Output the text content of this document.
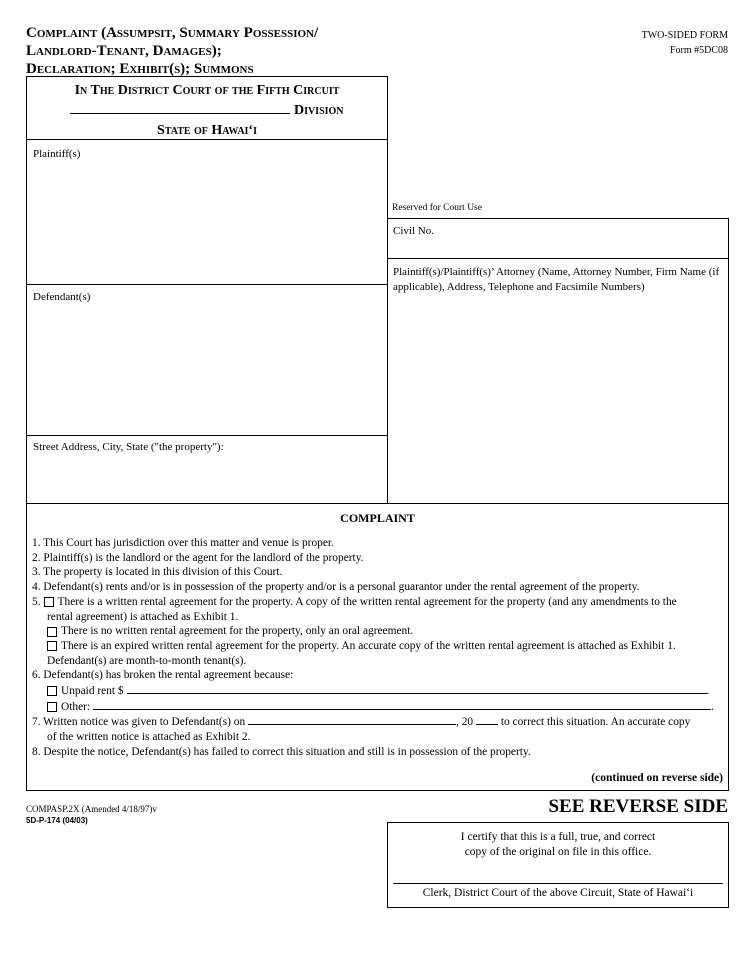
Complaint (Assumpsit, Summary Possession/
Landlord-Tenant, Damages);
Declaration; Exhibit(s); Summons
TWO-SIDED FORM
Form #5DC08
In The District Court of the Fifth Circuit
Division
State of Hawai‘i
Plaintiff(s)
Defendant(s)
Street Address, City, State ("the property"):
Reserved for Court Use
Civil No.
Plaintiff(s)/Plaintiff(s)’ Attorney (Name, Attorney Number, Firm Name (if applicable), Address, Telephone and Facsimile Numbers)
COMPLAINT
(continued on reverse side)
1. This Court has jurisdiction over this matter and venue is proper.
2. Plaintiff(s) is the landlord or the agent for the landlord of the property.
3. The property is located in this division of this Court.
4. Defendant(s) rents and/or is in possession of the property and/or is a personal guarantor under the rental agreement of the property.
5. There is a written rental agreement for the property. A copy of the written rental agreement for the property (and any amendments to the
rental agreement) is attached as Exhibit 1.
There is no written rental agreement for the property, only an oral agreement.
There is an expired written rental agreement for the property. An accurate copy of the written rental agreement is attached as Exhibit 1.
Defendant(s) are month-to-month tenant(s).
6. Defendant(s) has broken the rental agreement because:
Unpaid rent $	.
Other:	.
7. Written notice was given to Defendant(s) on	, 20 to correct this situation. An accurate copy
of the written notice is attached as Exhibit 2.
8. Despite the notice, Defendant(s) has failed to correct this situation and still is in possession of the property.
COMPASP.2X (Amended 4/18/97)v
5D-P-174 (04/03)
SEE REVERSE SIDE
I certify that this is a full, true, and correct
copy of the original on file in this office.
Clerk, District Court of the above Circuit, State of Hawai‘i
